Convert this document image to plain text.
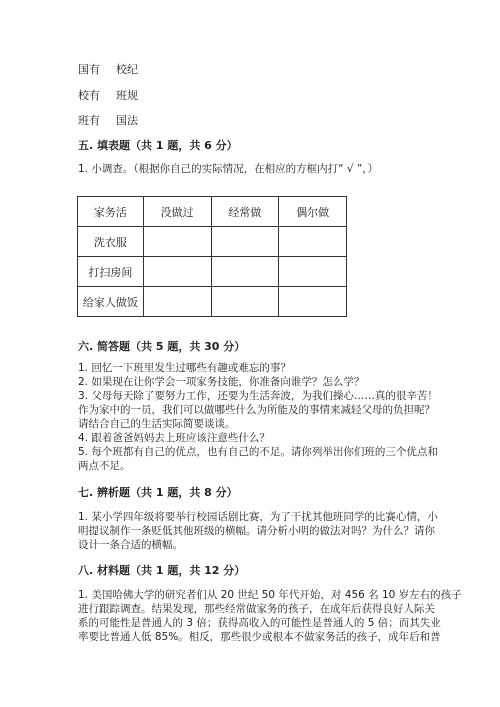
国有 校纪
校有 班规
班有 国法
五. 填表题（共 1 题，共 6 分）
1. 小调查。（根据你自己的实际情况，在相应的方框内打“ √ ”，）
家务活	没做过	经常做	偶尔做
洗衣服			
打扫房间			
给家人做饭			
六. 简答题（共 5 题，共 30 分）
1. 回忆一下班里发生过哪些有趣或难忘的事？
2. 如果现在让你学会一项家务技能，你准备向谁学？怎么学？
3. 父母每天除了要努力工作，还要为生活奔波，为我们操心……真的很辛苦！
作为家中的一员，我们可以做哪些什么为所能及的事情来减轻父母的负担呢？
请结合自己的生活实际简要谈谈。
4. 跟着爸爸妈妈去上班应该注意些什么？
5. 每个班都有自己的优点，也有自己的不足。请你列举出你们班的三个优点和
两点不足。
七. 辨析题（共 1 题，共 8 分）
1. 某小学四年级将要举行校园话剧比赛，为了干扰其他班同学的比赛心情，小
明提议制作一条贬低其他班级的横幅。请分析小明的做法对吗？为什么？请你
设计一条合适的横幅。
八. 材料题（共 1 题，共 12 分）
1. 美国哈佛大学的研究者们从 20 世纪 50 年代开始，对 456 名 10 岁左右的孩子
进行跟踪调查。结果发现，那些经常做家务的孩子，在成年后获得良好人际关
系的可能性是普通人的 3 倍；获得高收入的可能性是普通人的 5 倍；而其失业
率要比普通人低 85%。相反，那些很少或根本不做家务活的孩子，成年后和普
